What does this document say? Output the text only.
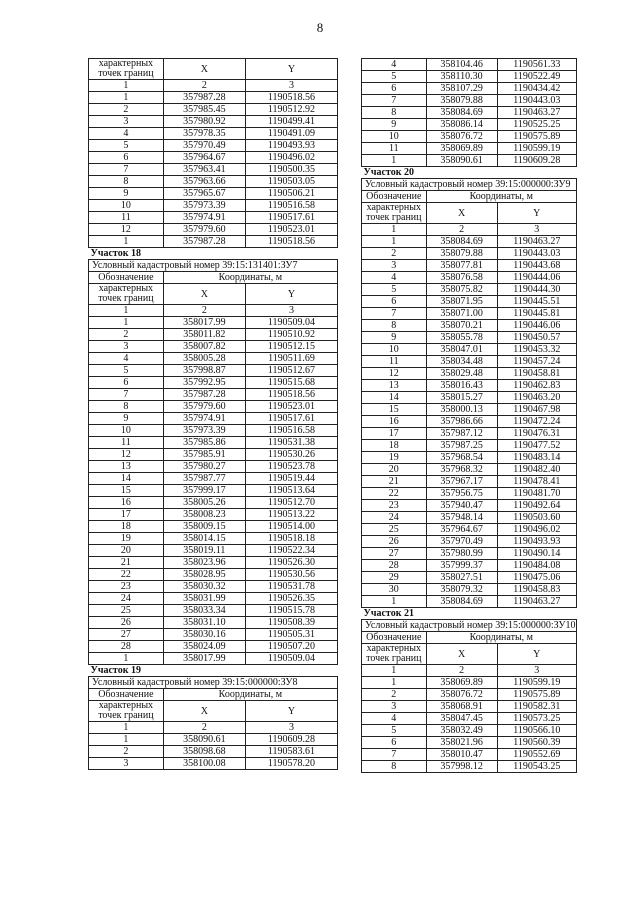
8
характерных точек границ	X	Y
1	2	3
1	357987.28	1190518.56
2	357985.45	1190512.92
3	357980.92	1190499.41
4	357978.35	1190491.09
5	357970.49	1190493.93
6	357964.67	1190496.02
7	357963.41	1190500.35
8	357963.66	1190503.05
9	357965.67	1190506.21
10	357973.39	1190516.58
11	357974.91	1190517.61
12	357979.60	1190523.01
1	357987.28	1190518.56
Участок 18		
Условный кадастровый номер 39:15:131401:ЗУ7		
Обозначение	Координаты, м	
характерных точек границ	X	Y
1	2	3
1	358017.99	1190509.04
2	358011.82	1190510.92
3	358007.82	1190512.15
4	358005.28	1190511.69
5	357998.87	1190512.67
6	357992.95	1190515.68
7	357987.28	1190518.56
8	357979.60	1190523.01
9	357974.91	1190517.61
10	357973.39	1190516.58
11	357985.86	1190531.38
12	357985.91	1190530.26
13	357980.27	1190523.78
14	357987.77	1190519.44
15	357999.17	1190513.64
16	358005.26	1190512.70
17	358008.23	1190513.22
18	358009.15	1190514.00
19	358014.15	1190518.18
20	358019.11	1190522.34
21	358023.96	1190526.30
22	358028.95	1190530.56
23	358030.32	1190531.78
24	358031.99	1190526.35
25	358033.34	1190515.78
26	358031.10	1190508.39
27	358030.16	1190505.31
28	358024.09	1190507.20
1	358017.99	1190509.04
Участок 19		
Условный кадастровый номер 39:15:000000:ЗУ8		
Обозначение	Координаты, м	
характерных точек границ	X	Y
1	2	3
1	358090.61	1190609.28
2	358098.68	1190583.61
3	358100.08	1190578.20
4	358104.46	1190561.33
5	358110.30	1190522.49
6	358107.29	1190434.42
7	358079.88	1190443.03
8	358084.69	1190463.27
9	358086.14	1190525.25
10	358076.72	1190575.89
11	358069.89	1190599.19
1	358090.61	1190609.28
Участок 20		
Условный кадастровый номер 39:15:000000:ЗУ9		
Обозначение	Координаты, м	
характерных точек границ	X	Y
1	2	3
1	358084.69	1190463.27
2	358079.88	1190443.03
3	358077.81	1190443.68
4	358076.58	1190444.06
5	358075.82	1190444.30
6	358071.95	1190445.51
7	358071.00	1190445.81
8	358070.21	1190446.06
9	358055.78	1190450.57
10	358047.01	1190453.32
11	358034.48	1190457.24
12	358029.48	1190458.81
13	358016.43	1190462.83
14	358015.27	1190463.20
15	358000.13	1190467.98
16	357986.66	1190472.24
17	357987.12	1190476.31
18	357987.25	1190477.52
19	357968.54	1190483.14
20	357968.32	1190482.40
21	357967.17	1190478.41
22	357956.75	1190481.70
23	357940.47	1190492.64
24	357948.14	1190503.60
25	357964.67	1190496.02
26	357970.49	1190493.93
27	357980.99	1190490.14
28	357999.37	1190484.08
29	358027.51	1190475.06
30	358079.32	1190458.83
1	358084.69	1190463.27
Участок 21		
Условный кадастровый номер 39:15:000000:ЗУ10		
Обозначение	Координаты, м	
характерных точек границ	X	Y
1	2	3
1	358069.89	1190599.19
2	358076.72	1190575.89
3	358068.91	1190582.31
4	358047.45	1190573.25
5	358032.49	1190566.10
6	358021.96	1190560.39
7	358010.47	1190552.69
8	357998.12	1190543.25
